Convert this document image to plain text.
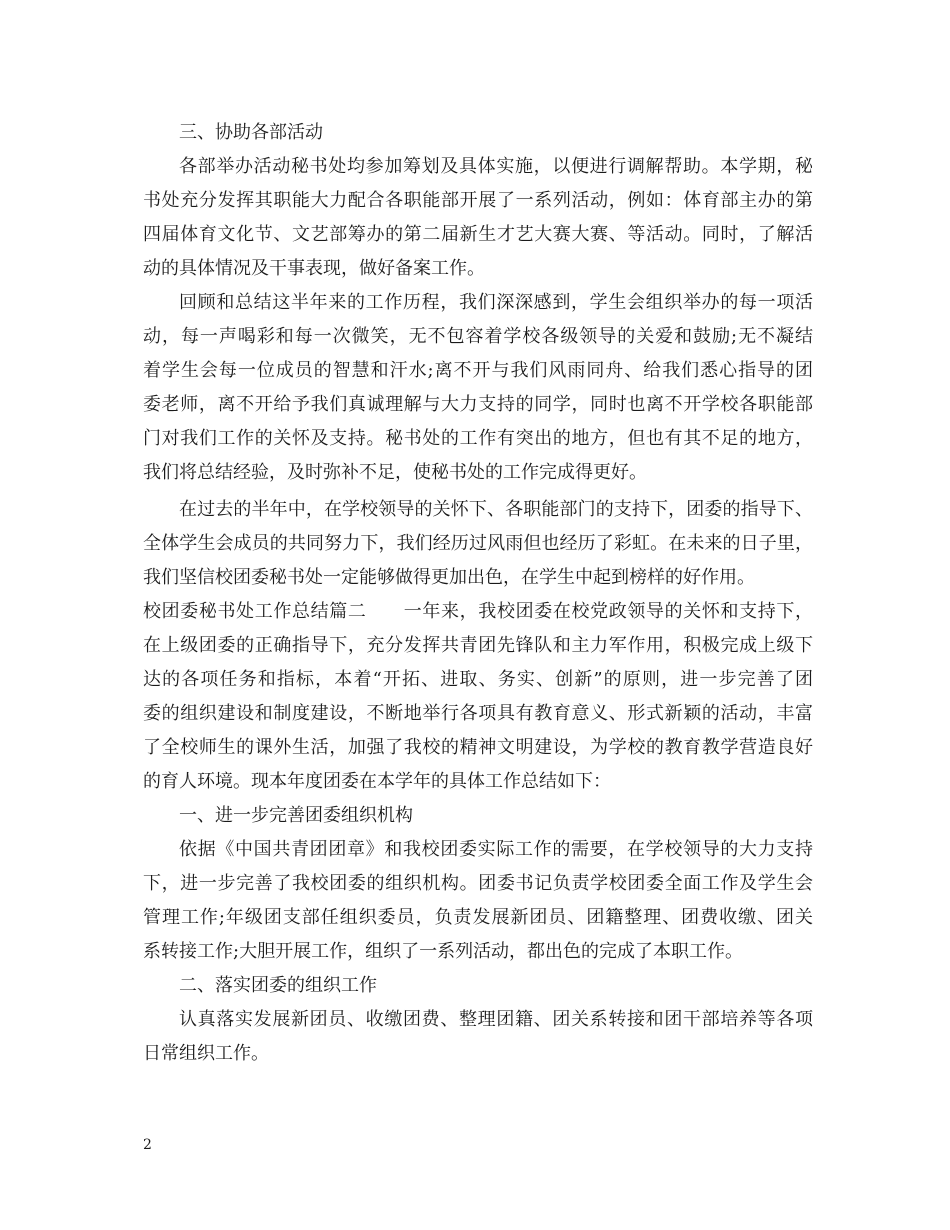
三、协助各部活动
各部举办活动秘书处均参加筹划及具体实施，以便进行调解帮助。本学期，秘
书处充分发挥其职能大力配合各职能部开展了一系列活动，例如：体育部主办的第
四届体育文化节、文艺部筹办的第二届新生才艺大赛大赛、等活动。同时，了解活
动的具体情况及干事表现，做好备案工作。
回顾和总结这半年来的工作历程，我们深深感到，学生会组织举办的每一项活
动，每一声喝彩和每一次微笑，无不包容着学校各级领导的关爱和鼓励;无不凝结
着学生会每一位成员的智慧和汗水;离不开与我们风雨同舟、给我们悉心指导的团
委老师，离不开给予我们真诚理解与大力支持的同学，同时也离不开学校各职能部
门对我们工作的关怀及支持。秘书处的工作有突出的地方，但也有其不足的地方，
我们将总结经验，及时弥补不足，使秘书处的工作完成得更好。
在过去的半年中，在学校领导的关怀下、各职能部门的支持下，团委的指导下、
全体学生会成员的共同努力下，我们经历过风雨但也经历了彩虹。在未来的日子里，
我们坚信校团委秘书处一定能够做得更加出色，在学生中起到榜样的好作用。
校团委秘书处工作总结篇二　　一年来，我校团委在校党政领导的关怀和支持下，
在上级团委的正确指导下，充分发挥共青团先锋队和主力军作用，积极完成上级下
达的各项任务和指标，本着“开拓、进取、务实、创新”的原则，进一步完善了团
委的组织建设和制度建设，不断地举行各项具有教育意义、形式新颖的活动，丰富
了全校师生的课外生活，加强了我校的精神文明建设，为学校的教育教学营造良好
的育人环境。现本年度团委在本学年的具体工作总结如下：
一、进一步完善团委组织机构
依据《中国共青团团章》和我校团委实际工作的需要，在学校领导的大力支持
下，进一步完善了我校团委的组织机构。团委书记负责学校团委全面工作及学生会
管理工作;年级团支部任组织委员，负责发展新团员、团籍整理、团费收缴、团关
系转接工作;大胆开展工作，组织了一系列活动，都出色的完成了本职工作。
二、落实团委的组织工作
认真落实发展新团员、收缴团费、整理团籍、团关系转接和团干部培养等各项
日常组织工作。
2
